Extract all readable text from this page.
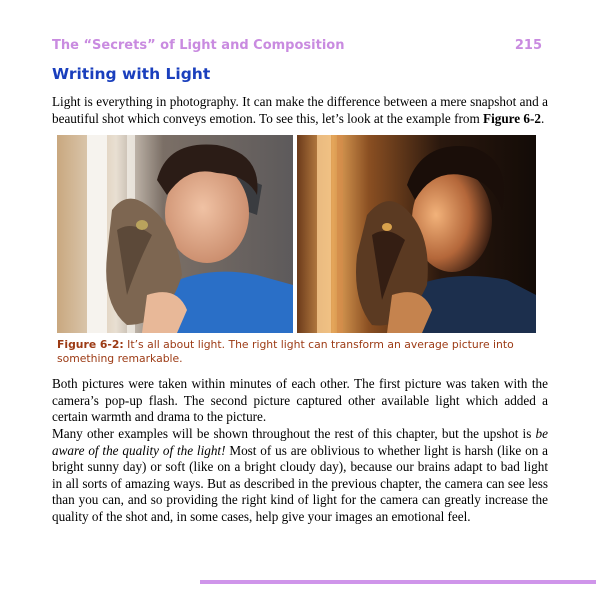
The “Secrets” of Light and Composition	215
Writing with Light

Light is everything in photography. It can make the difference between a mere snapshot and a beautiful shot which conveys emotion. To see this, let’s look at the example from Figure 6-2.

Figure 6-2: It’s all about light. The right light can transform an average picture into something remarkable.

Both pictures were taken within minutes of each other. The first picture was taken with the camera’s pop-up flash. The second picture captured other available light which added a certain warmth and drama to the picture.

Many other examples will be shown throughout the rest of this chapter, but the upshot is be aware of the quality of the light! Most of us are oblivious to whether light is harsh (like on a bright sunny day) or soft (like on a bright cloudy day), because our brains adapt to bad light in all sorts of amazing ways. But as described in the previous chapter, the camera can see less than you can, and so providing the right kind of light for the camera can greatly increase the quality of the shot and, in some cases, help give your images an emotional feel.
